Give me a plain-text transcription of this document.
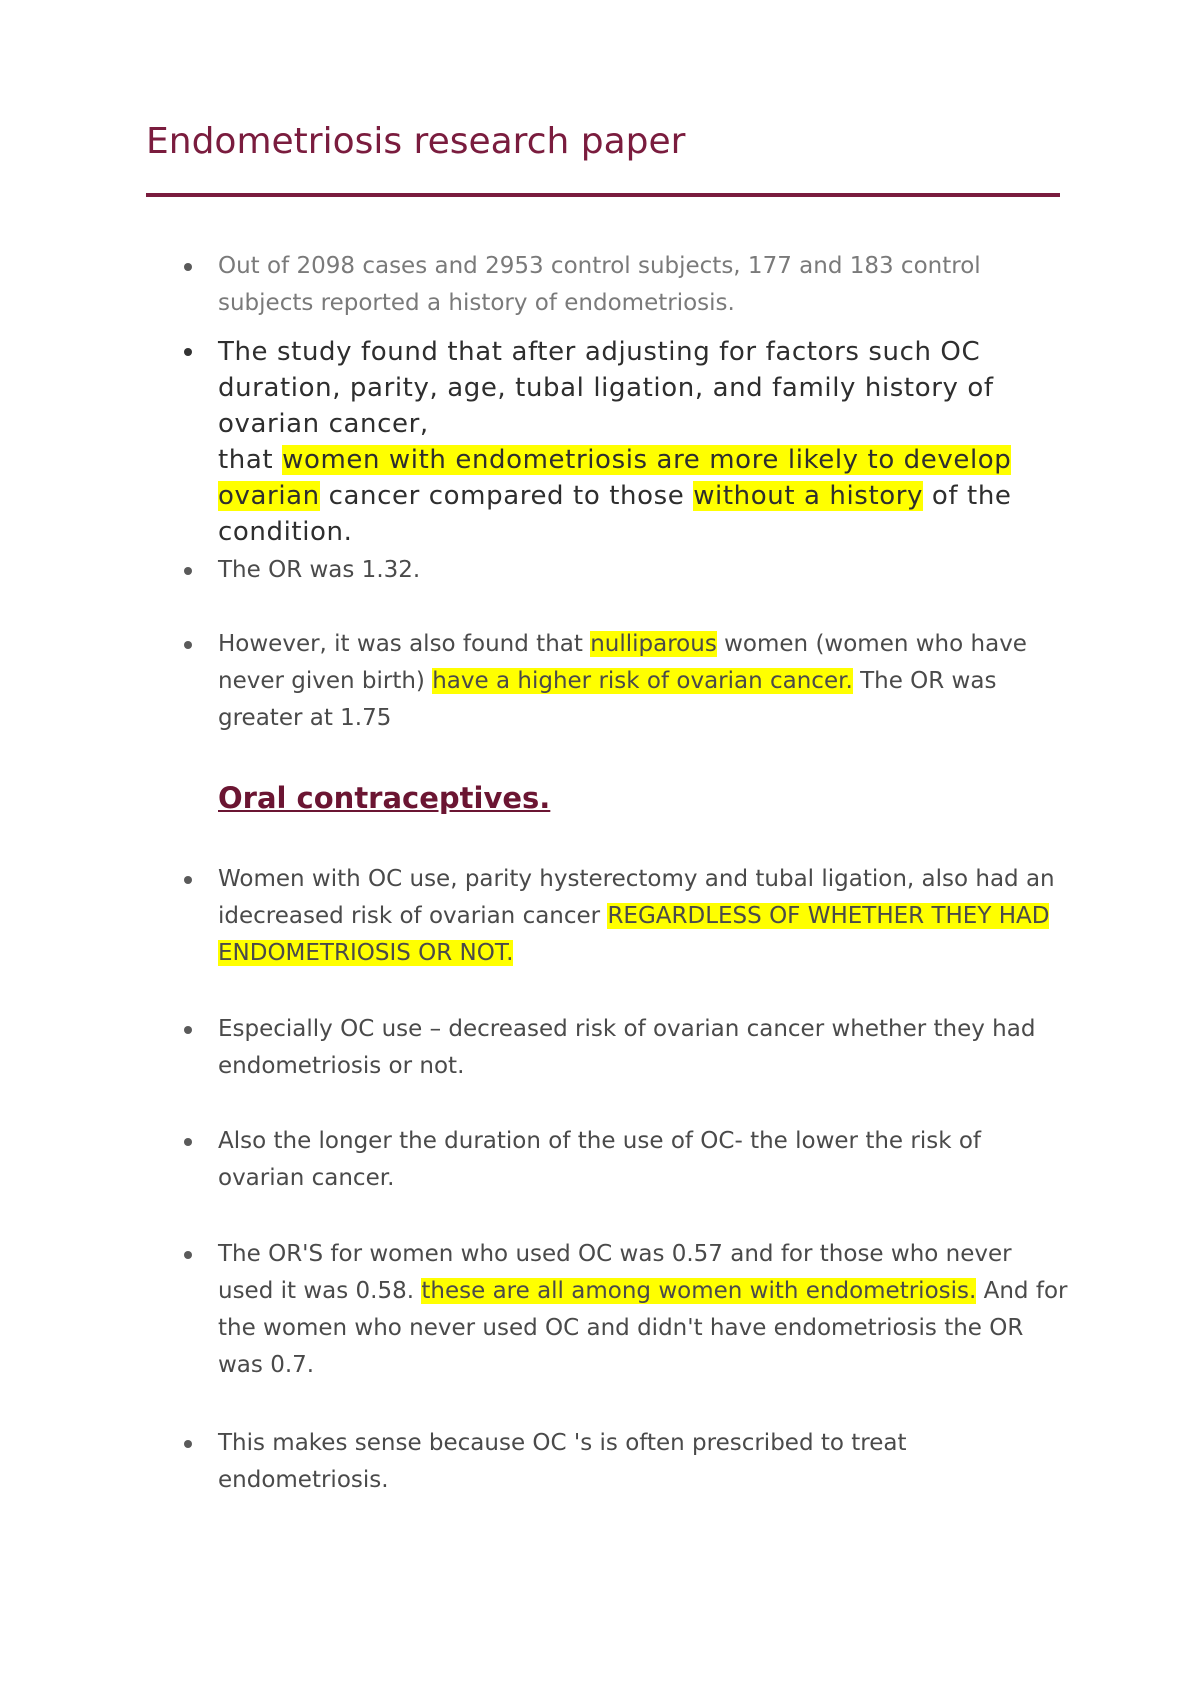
Endometriosis research paper
Out of 2098 cases and 2953 control subjects, 177 and 183 control subjects reported a history of endometriosis.
The study found that after adjusting for factors such OC duration, parity, age, tubal ligation, and family history of ovarian cancer,
that women with endometriosis are more likely to develop ovarian cancer compared to those without a history of the condition.
The OR was 1.32.
However, it was also found that nulliparous women (women who have never given birth) have a higher risk of ovarian cancer. The OR was greater at 1.75
Oral contraceptives.
Women with OC use, parity hysterectomy and tubal ligation, also had an idecreased risk of ovarian cancer REGARDLESS OF WHETHER THEY HAD ENDOMETRIOSIS OR NOT.
Especially OC use – decreased risk of ovarian cancer whether they had endometriosis or not.
Also the longer the duration of the use of OC- the lower the risk of ovarian cancer.
The OR'S for women who used OC was 0.57 and for those who never used it was 0.58. these are all among women with endometriosis. And for the women who never used OC and didn't have endometriosis the OR was 0.7.
This makes sense because OC 's is often prescribed to treat endometriosis.
